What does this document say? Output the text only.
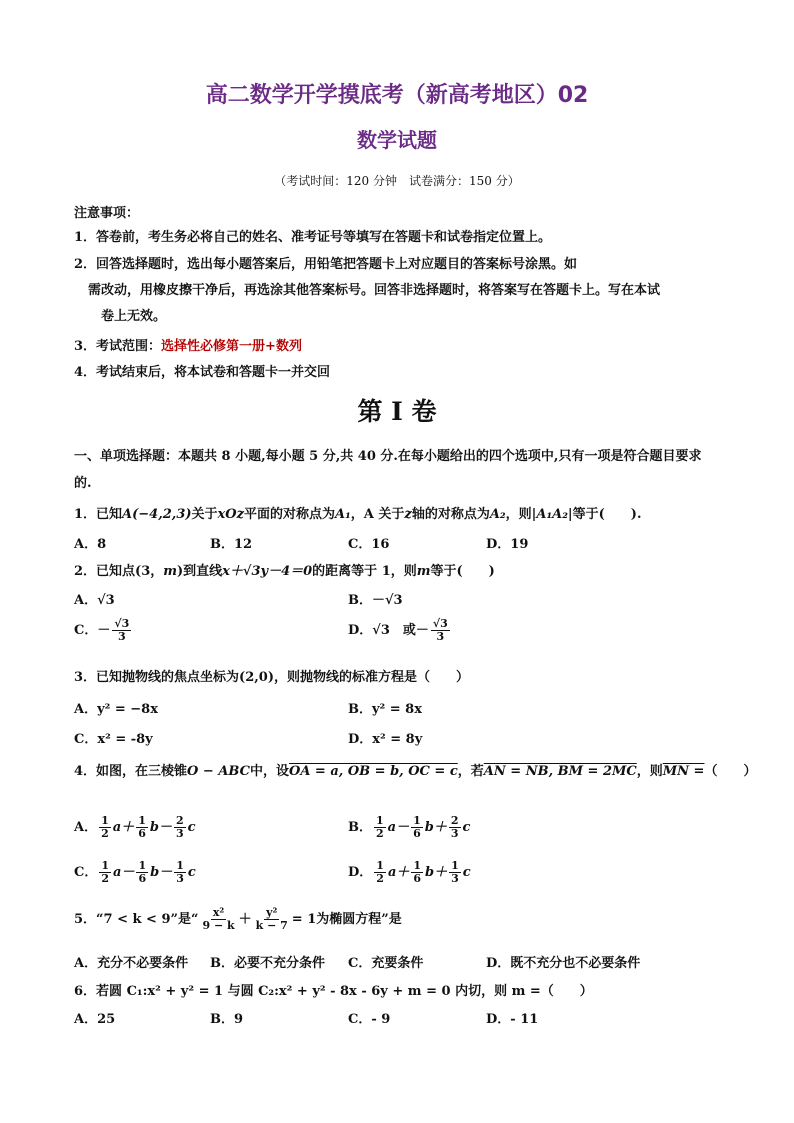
高二数学开学摸底考（新高考地区）02
数学试题
（考试时间：120 分钟　试卷满分：150 分）
注意事项：
1．答卷前，考生务必将自己的姓名、准考证号等填写在答题卡和试卷指定位置上。
2．回答选择题时，选出每小题答案后，用铅笔把答题卡上对应题目的答案标号涂黑。如
需改动，用橡皮擦干净后，再选涂其他答案标号。回答非选择题时，将答案写在答题卡上。写在本试
卷上无效。
3．考试范围：选择性必修第一册+数列
4．考试结束后，将本试卷和答题卡一并交回
第 I 卷
一、单项选择题：本题共 8 小题,每小题 5 分,共 40 分.在每小题给出的四个选项中,只有一项是符合题目要求
的.
1．已知A(−4,2,3)关于xOz平面的对称点为A₁，A 关于z轴的对称点为A₂，则|A₁A₂|等于(　　).
A．8	B．12	C．16	D．19
2．已知点(3，m)到直线x＋√3y－4＝0的距离等于 1，则m等于(　　)
A．√3	B．－√3
C．－ $\frac{√3}{3}$	D．√3　或－ $\frac{√3}{3}$
3．已知抛物线的焦点坐标为(2,0)，则抛物线的标准方程是（　　）
A．y² = −8x	B．y² = 8x
C．x² = -8y	D．x² = 8y
4．如图，在三棱锥O − ABC中，设OA = a, OB = b, OC = c，若AN = NB, BM = 2MC，则MN =（　　）
A． $\frac{1}{2} a+ \frac{1}{6} b- \frac{2}{3}$ c	B． $\frac{1}{2} a- \frac{1}{6} b+ \frac{2}{3}$ c
C． $\frac{1}{2} a- \frac{1}{6} b- \frac{1}{3}$ c	D． $\frac{1}{2} a+ \frac{1}{6} b+ \frac{1}{3}$ c
5．“7 < k < 9”是“ $\frac{\text{x²}}{9 - k} + \frac{\text{y²}}{k - 7} = 1$为椭圆方程”是
A．充分不必要条件 B．必要不充分条件 C．充要条件	D．既不充分也不必要条件
6．若圆 C₁:x² + y² = 1 与圆 C₂:x² + y² - 8x - 6y + m = 0 内切，则 m =（　　）
A．25	B．9	C．- 9	D．- 11
